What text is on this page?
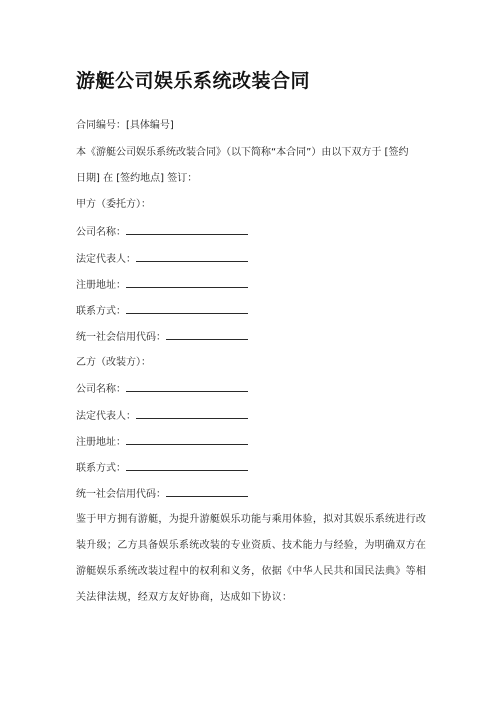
游艇公司娱乐系统改装合同
合同编号：[具体编号]
本《游艇公司娱乐系统改装合同》（以下简称“本合同”）由以下双方于 [签约
日期] 在 [签约地点] 签订：
甲方（委托方）：
公司名称：
法定代表人：
注册地址：
联系方式：
统一社会信用代码：
乙方（改装方）：
公司名称：
法定代表人：
注册地址：
联系方式：
统一社会信用代码：
鉴于甲方拥有游艇，为提升游艇娱乐功能与乘用体验，拟对其娱乐系统进行改
装升级；乙方具备娱乐系统改装的专业资质、技术能力与经验，为明确双方在
游艇娱乐系统改装过程中的权利和义务，依据《中华人民共和国民法典》等相
关法律法规，经双方友好协商，达成如下协议：
